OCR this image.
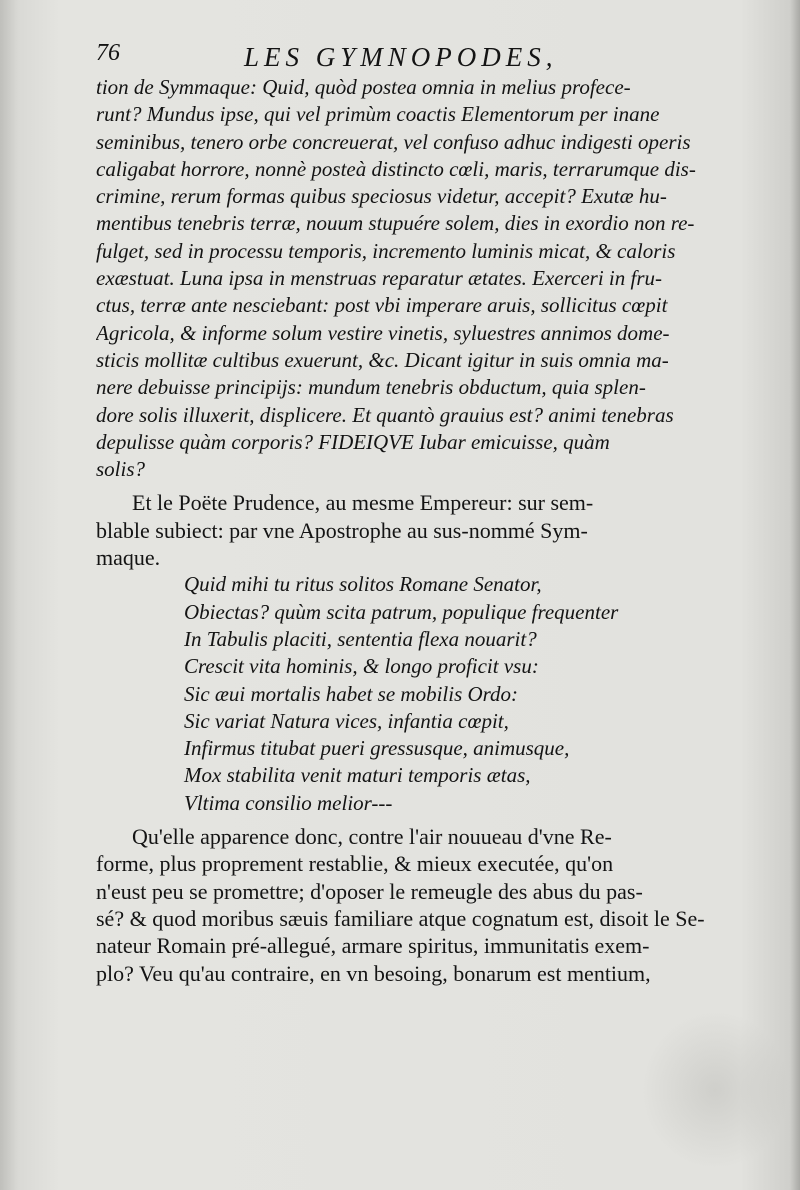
76	LES GYMNOPODES,
tion de Symmaque: Quid, quòd postea omnia in melius profece-
runt? Mundus ipse, qui vel primùm coactis Elementorum per inane
seminibus, tenero orbe concreuerat, vel confuso adhuc indigesti operis
caligabat horrore, nonnè posteà distincto cœli, maris, terrarumque dis-
crimine, rerum formas quibus speciosus videtur, accepit? Exutæ hu-
mentibus tenebris terræ, nouum stupuére solem, dies in exordio non re-
fulget, sed in processu temporis, incremento luminis micat, & caloris
exæstuat. Luna ipsa in menstruas reparatur ætates. Exerceri in fru-
ctus, terræ ante nesciebant: post vbi imperare aruis, sollicitus cœpit
Agricola, & informe solum vestire vinetis, syluestres annimos dome-
sticis mollitæ cultibus exuerunt, &c. Dicant igitur in suis omnia ma-
nere debuisse principijs: mundum tenebris obductum, quia splen-
dore solis illuxerit, displicere. Et quantò grauius est? animi tenebras
depulisse quàm corporis? FIDEIQVE Iubar emicuisse, quàm
solis?
Et le Poëte Prudence, au mesme Empereur: sur sem-
blable subiect: par vne Apostrophe au sus-nommé Sym-
maque.
Quid mihi tu ritus solitos Romane Senator,
Obiectas? quùm scita patrum, populique frequenter
In Tabulis placiti, sententia flexa nouarit?
Crescit vita hominis, & longo proficit vsu:
Sic æui mortalis habet se mobilis Ordo:
Sic variat Natura vices, infantia cœpit,
Infirmus titubat pueri gressusque, animusque,
Mox stabilita venit maturi temporis ætas,
Vltima consilio melior---
Qu'elle apparence donc, contre l'air nouueau d'vne Re-
forme, plus proprement restablie, & mieux executée, qu'on
n'eust peu se promettre; d'oposer le remeugle des abus du pas-
sé? & quod moribus sæuis familiare atque cognatum est, disoit le Se-
nateur Romain pré-allegué, armare spiritus, immunitatis exem-
plo? Veu qu'au contraire, en vn besoing, bonarum est mentium,
